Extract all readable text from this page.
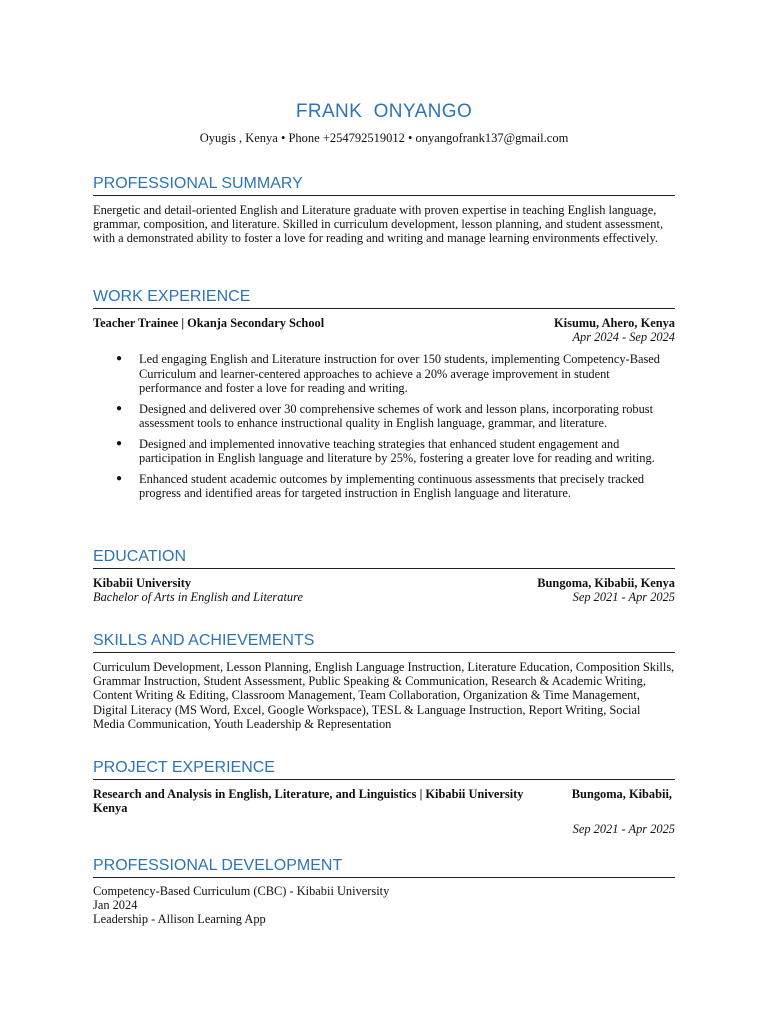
FRANK  ONYANGO
Oyugis , Kenya • Phone +254792519012 • onyangofrank137@gmail.com
PROFESSIONAL SUMMARY
Energetic and detail-oriented English and Literature graduate with proven expertise in teaching English language, grammar, composition, and literature. Skilled in curriculum development, lesson planning, and student assessment, with a demonstrated ability to foster a love for reading and writing and manage learning environments effectively.
WORK EXPERIENCE
Teacher Trainee | Okanja Secondary School	Kisumu, Ahero, Kenya
Apr 2024 - Sep 2024
● Led engaging English and Literature instruction for over 150 students, implementing Competency-Based Curriculum and learner-centered approaches to achieve a 20% average improvement in student performance and foster a love for reading and writing.
● Designed and delivered over 30 comprehensive schemes of work and lesson plans, incorporating robust assessment tools to enhance instructional quality in English language, grammar, and literature.
● Designed and implemented innovative teaching strategies that enhanced student engagement and participation in English language and literature by 25%, fostering a greater love for reading and writing.
● Enhanced student academic outcomes by implementing continuous assessments that precisely tracked progress and identified areas for targeted instruction in English language and literature.
EDUCATION
Kibabii University	Bungoma, Kibabii, Kenya
Bachelor of Arts in English and Literature	Sep 2021 - Apr 2025
SKILLS AND ACHIEVEMENTS
Curriculum Development, Lesson Planning, English Language Instruction, Literature Education, Composition Skills, Grammar Instruction, Student Assessment, Public Speaking & Communication, Research & Academic Writing, Content Writing & Editing, Classroom Management, Team Collaboration, Organization & Time Management, Digital Literacy (MS Word, Excel, Google Workspace), TESL & Language Instruction, Report Writing, Social Media Communication, Youth Leadership & Representation
PROJECT EXPERIENCE
Research and Analysis in English, Literature, and Linguistics | Kibabii University	Bungoma, Kibabii,
Kenya
Sep 2021 - Apr 2025
PROFESSIONAL DEVELOPMENT
Competency-Based Curriculum (CBC) - Kibabii University
Jan 2024
Leadership - Allison Learning App
